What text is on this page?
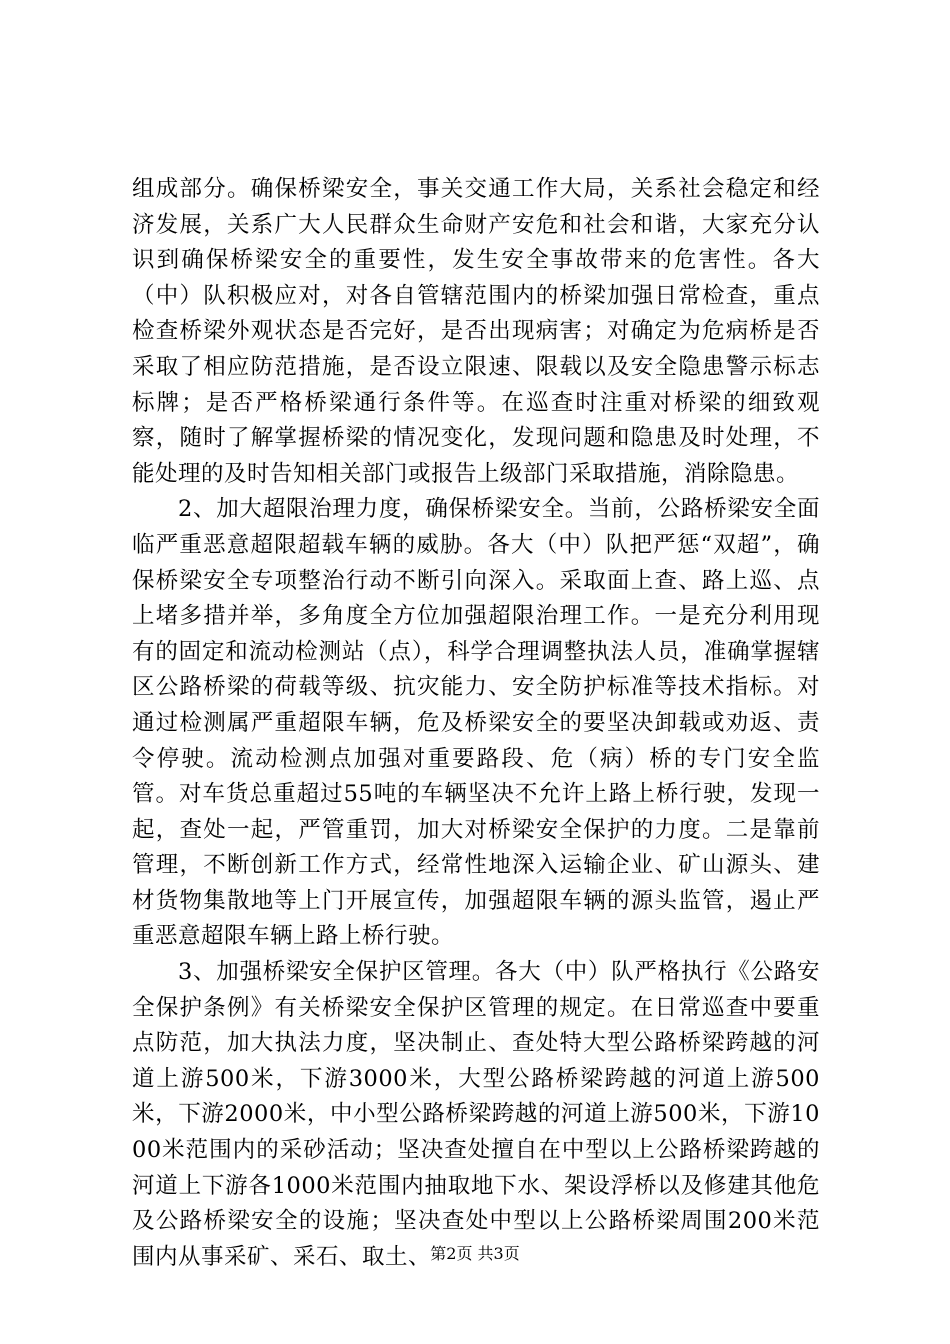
组成部分。确保桥梁安全，事关交通工作大局，关系社会稳定和经济发展，关系广大人民群众生命财产安危和社会和谐，大家充分认识到确保桥梁安全的重要性，发生安全事故带来的危害性。各大（中）队积极应对，对各自管辖范围内的桥梁加强日常检查，重点检查桥梁外观状态是否完好，是否出现病害；对确定为危病桥是否采取了相应防范措施，是否设立限速、限载以及安全隐患警示标志标牌；是否严格桥梁通行条件等。在巡查时注重对桥梁的细致观察，随时了解掌握桥梁的情况变化，发现问题和隐患及时处理，不能处理的及时告知相关部门或报告上级部门采取措施，消除隐患。

2、加大超限治理力度，确保桥梁安全。当前，公路桥梁安全面临严重恶意超限超载车辆的威胁。各大（中）队把严惩“双超”，确保桥梁安全专项整治行动不断引向深入。采取面上查、路上巡、点上堵多措并举，多角度全方位加强超限治理工作。一是充分利用现有的固定和流动检测站（点），科学合理调整执法人员，准确掌握辖区公路桥梁的荷载等级、抗灾能力、安全防护标准等技术指标。对通过检测属严重超限车辆，危及桥梁安全的要坚决卸载或劝返、责令停驶。流动检测点加强对重要路段、危（病）桥的专门安全监管。对车货总重超过55吨的车辆坚决不允许上路上桥行驶，发现一起，查处一起，严管重罚，加大对桥梁安全保护的力度。二是靠前管理，不断创新工作方式，经常性地深入运输企业、矿山源头、建材货物集散地等上门开展宣传，加强超限车辆的源头监管，遏止严重恶意超限车辆上路上桥行驶。

3、加强桥梁安全保护区管理。各大（中）队严格执行《公路安全保护条例》有关桥梁安全保护区管理的规定。在日常巡查中要重点防范，加大执法力度，坚决制止、查处特大型公路桥梁跨越的河道上游500米，下游3000米，大型公路桥梁跨越的河道上游500米，下游2000米，中小型公路桥梁跨越的河道上游500米，下游1000米范围内的采砂活动；坚决查处擅自在中型以上公路桥梁跨越的河道上下游各1000米范围内抽取地下水、架设浮桥以及修建其他危及公路桥梁安全的设施；坚决查处中型以上公路桥梁周围200米范围内从事采矿、采石、取土、 第2页 共3页
